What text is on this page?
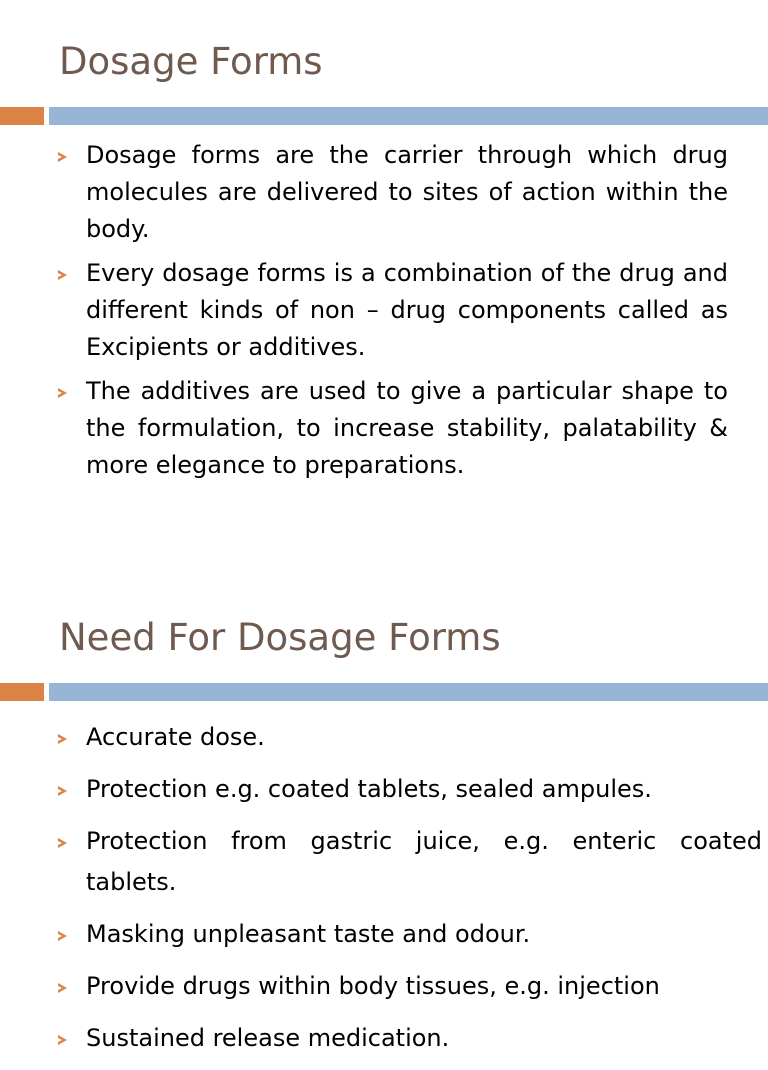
Dosage Forms
Dosage forms are the carrier through which drug molecules are delivered to sites of action within the body.
Every dosage forms is a combination of the drug and different kinds of non – drug components called as Excipients or additives.
The additives are used to give a particular shape to the formulation, to increase stability, palatability & more elegance to preparations.
Need For Dosage Forms
Accurate dose.
Protection e.g. coated tablets, sealed ampules.
Protection from gastric juice, e.g. enteric coated tablets.
Masking unpleasant taste and odour.
Provide drugs within body tissues, e.g. injection
Sustained release medication.
